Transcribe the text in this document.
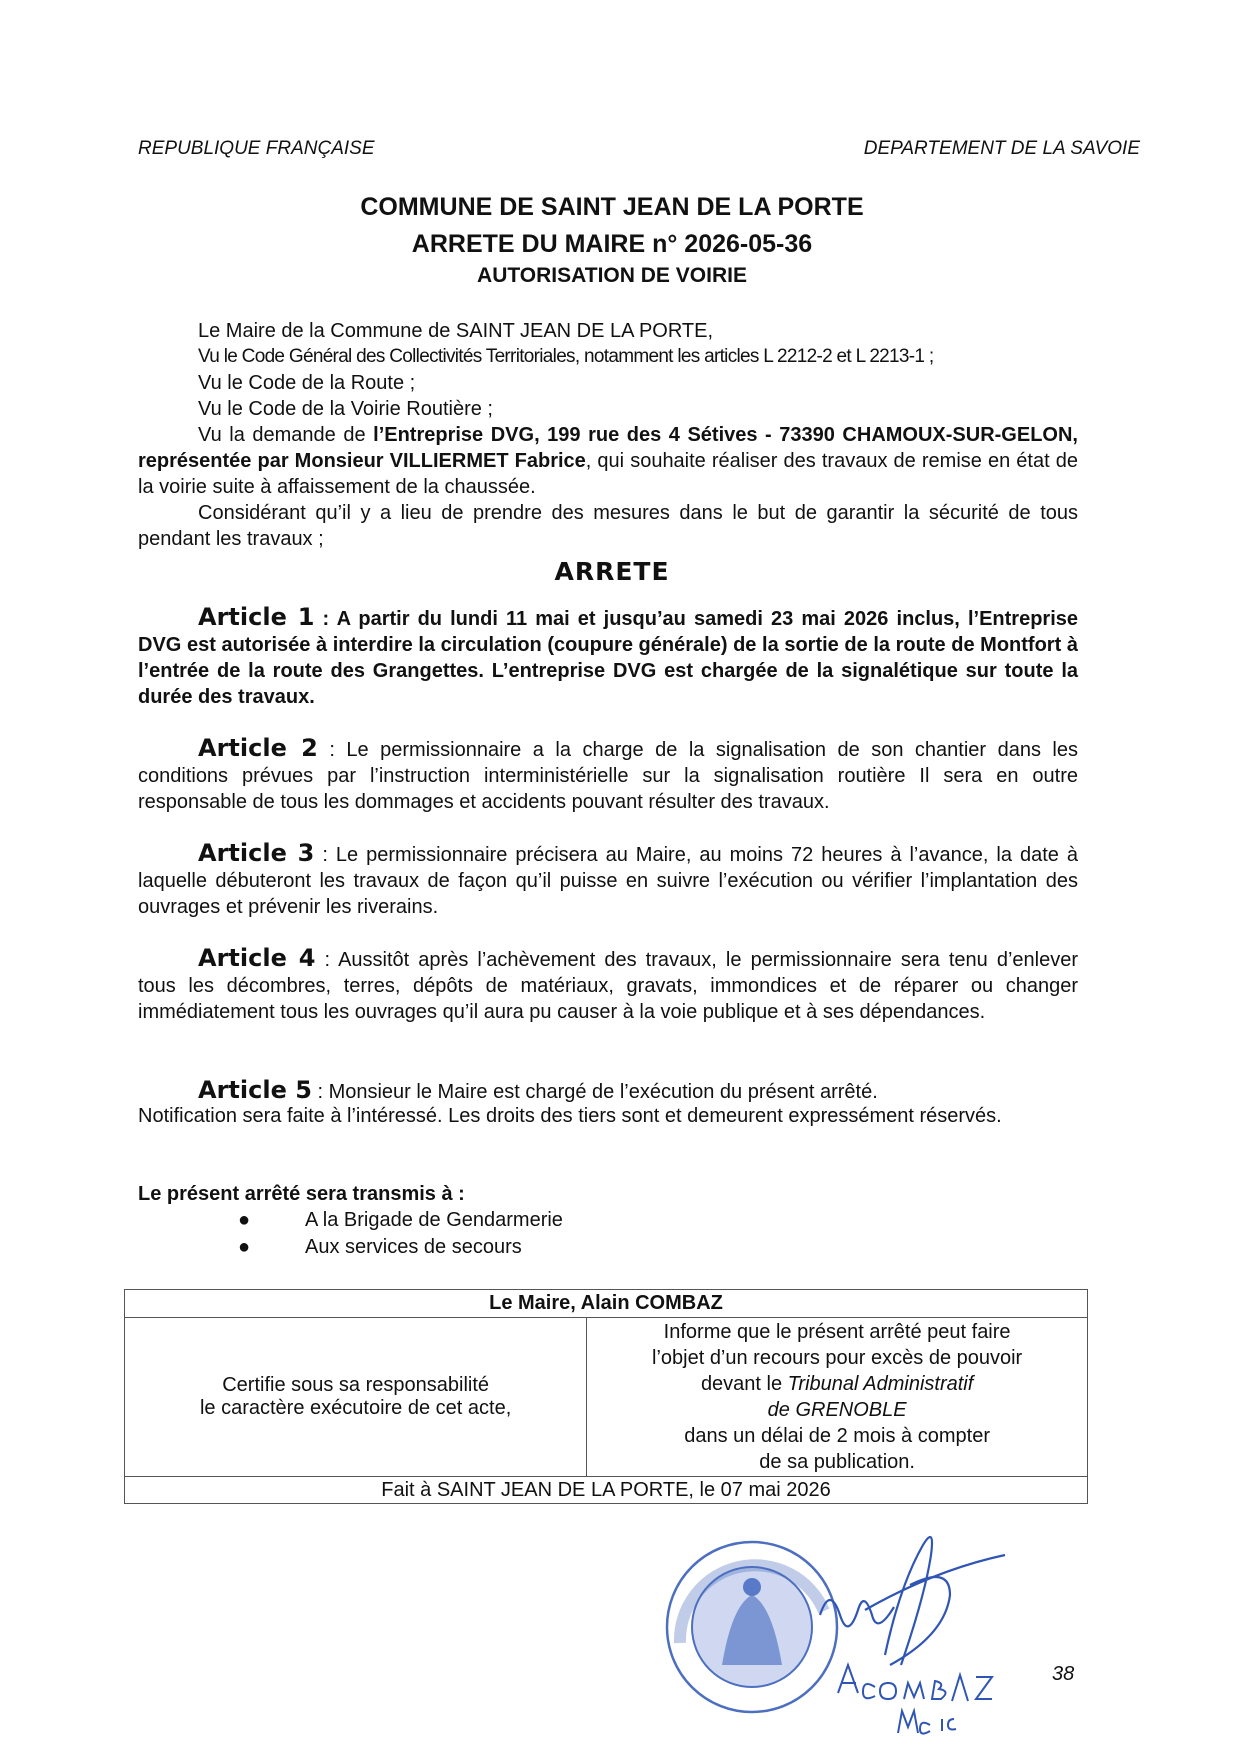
REPUBLIQUE FRANÇAISE	DEPARTEMENT DE LA SAVOIE
COMMUNE DE SAINT JEAN DE LA PORTE
ARRETE DU MAIRE n° 2026-05-36
AUTORISATION DE VOIRIE
Le Maire de la Commune de SAINT JEAN DE LA PORTE,
Vu le Code Général des Collectivités Territoriales, notamment les articles L 2212-2 et L 2213-1 ;
Vu le Code de la Route ;
Vu le Code de la Voirie Routière ;
Vu la demande de l’Entreprise DVG, 199 rue des 4 Sétives - 73390 CHAMOUX-SUR-GELON, représentée par Monsieur VILLIERMET Fabrice, qui souhaite réaliser des travaux de remise en état de la voirie suite à affaissement de la chaussée.
Considérant qu’il y a lieu de prendre des mesures dans le but de garantir la sécurité de tous pendant les travaux ;
ARRETE
Article 1 : A partir du lundi 11 mai et jusqu’au samedi 23 mai 2026 inclus, l’Entreprise DVG est autorisée à interdire la circulation (coupure générale) de la sortie de la route de Montfort à l’entrée de la route des Grangettes. L’entreprise DVG est chargée de la signalétique sur toute la durée des travaux.
Article 2 : Le permissionnaire a la charge de la signalisation de son chantier dans les conditions prévues par l’instruction interministérielle sur la signalisation routière Il sera en outre responsable de tous les dommages et accidents pouvant résulter des travaux.
Article 3 : Le permissionnaire précisera au Maire, au moins 72 heures à l’avance, la date à laquelle débuteront les travaux de façon qu’il puisse en suivre l’exécution ou vérifier l’implantation des ouvrages et prévenir les riverains.
Article 4 : Aussitôt après l’achèvement des travaux, le permissionnaire sera tenu d’enlever tous les décombres, terres, dépôts de matériaux, gravats, immondices et de réparer ou changer immédiatement tous les ouvrages qu’il aura pu causer à la voie publique et à ses dépendances.
Article 5 : Monsieur le Maire est chargé de l’exécution du présent arrêté.
Notification sera faite à l’intéressé. Les droits des tiers sont et demeurent expressément réservés.
Le présent arrêté sera transmis à :
●	A la Brigade de Gendarmerie
●	Aux services de secours
Le Maire, Alain COMBAZ

Certifie sous sa responsabilité
le caractère exécutoire de cet acte,

Informe que le présent arrêté peut faire
l’objet d’un recours pour excès de pouvoir
devant le Tribunal Administratif
de GRENOBLE
dans un délai de 2 mois à compter
de sa publication.

Fait à SAINT JEAN DE LA PORTE, le 07 mai 2026
38
